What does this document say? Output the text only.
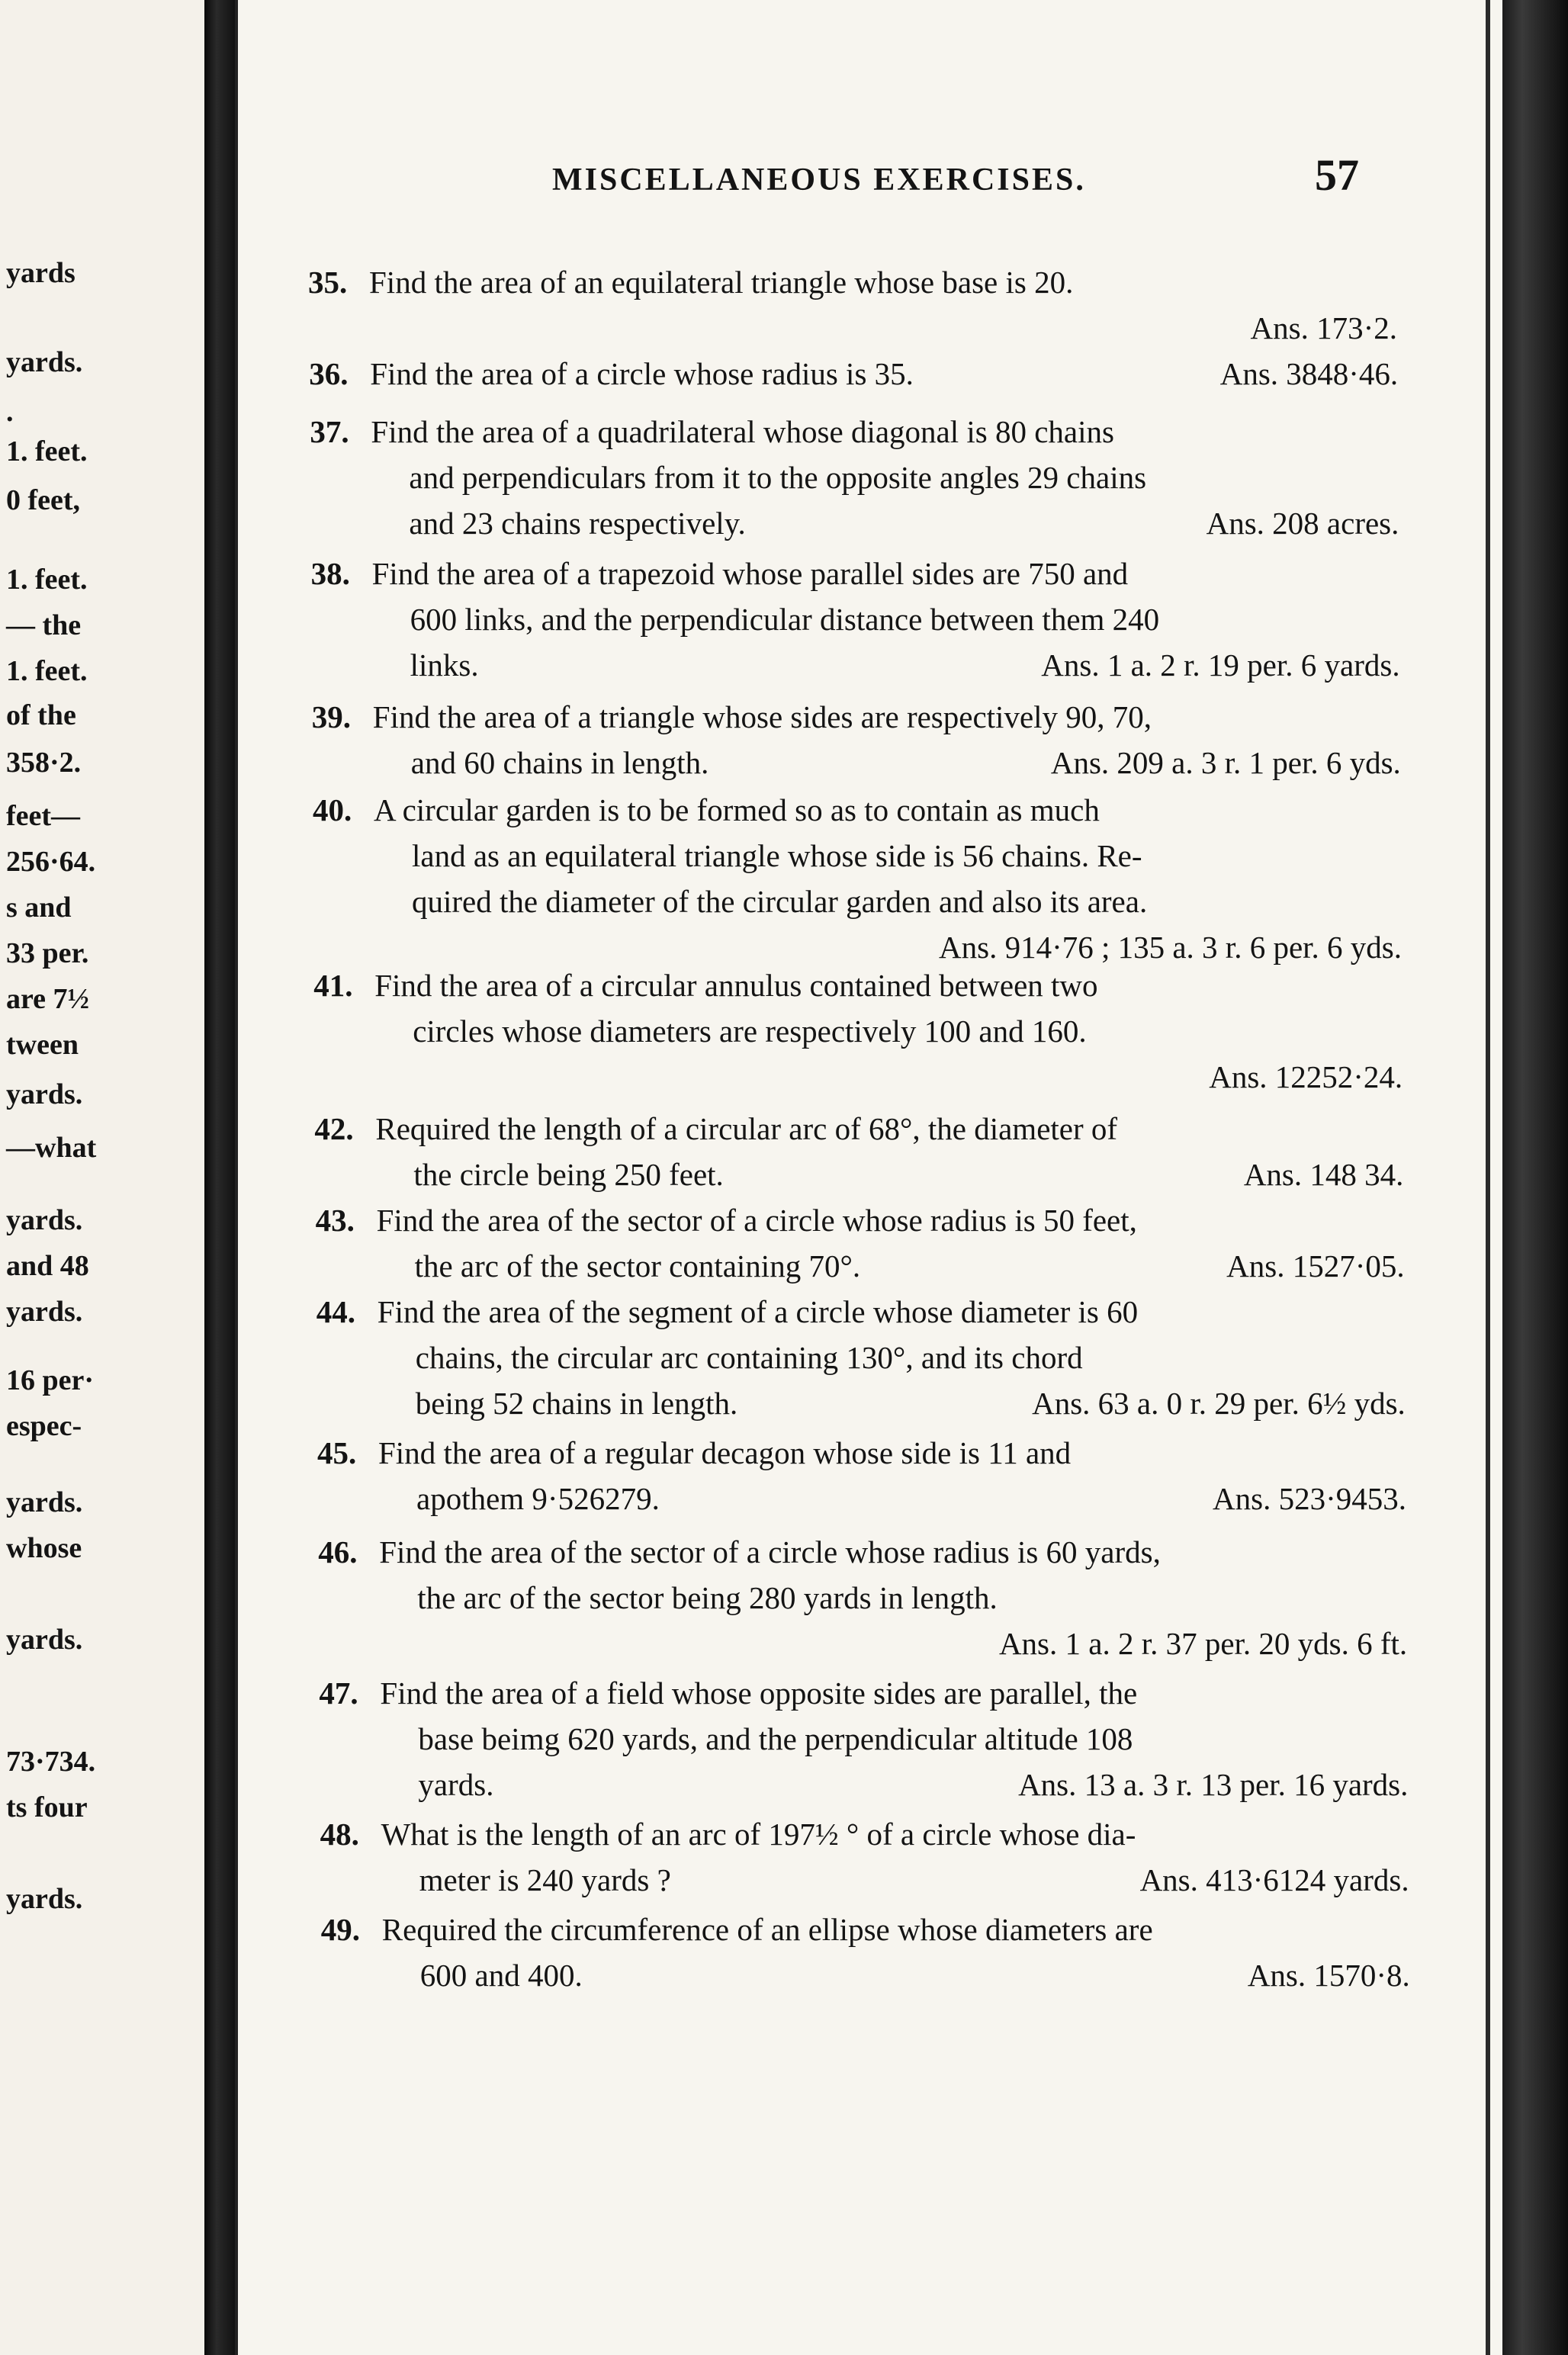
yards
yards.
.
1. feet.
0 feet,
1. feet.
— the
1. feet.
of the
358·2.
feet—
256·64.
s and
33 per.
are 7½
tween
yards.
—what
yards.
and 48
yards.
16 per·
espec-
yards.
whose
yards.
73·734.
ts four
yards.
MISCELLANEOUS EXERCISES.	57
35. Find the area of an equilateral triangle whose base is 20.
Ans. 173·2.
36. Find the area of a circle whose radius is 35.	Ans. 3848·46.
37. Find the area of a quadrilateral whose diagonal is 80 chains
and perpendiculars from it to the opposite angles 29 chains
and 23 chains respectively.	Ans. 208 acres.
38. Find the area of a trapezoid whose parallel sides are 750 and
600 links, and the perpendicular distance between them 240
links.	Ans. 1 a. 2 r. 19 per. 6 yards.
39. Find the area of a triangle whose sides are respectively 90, 70,
and 60 chains in length.	Ans. 209 a. 3 r. 1 per. 6 yds.
40. A circular garden is to be formed so as to contain as much
land as an equilateral triangle whose side is 56 chains. Re-
quired the diameter of the circular garden and also its area.
Ans. 914·76 ; 135 a. 3 r. 6 per. 6 yds.
41. Find the area of a circular annulus contained between two
circles whose diameters are respectively 100 and 160.
Ans. 12252·24.
42. Required the length of a circular arc of 68°, the diameter of
the circle being 250 feet.	Ans. 148 34.
43. Find the area of the sector of a circle whose radius is 50 feet,
the arc of the sector containing 70°.	Ans. 1527·05.
44. Find the area of the segment of a circle whose diameter is 60
chains, the circular arc containing 130°, and its chord
being 52 chains in length.	Ans. 63 a. 0 r. 29 per. 6½ yds.
45. Find the area of a regular decagon whose side is 11 and
apothem 9·526279.	Ans. 523·9453.
46. Find the area of the sector of a circle whose radius is 60 yards,
the arc of the sector being 280 yards in length.
Ans. 1 a. 2 r. 37 per. 20 yds. 6 ft.
47. Find the area of a field whose opposite sides are parallel, the
base beimg 620 yards, and the perpendicular altitude 108
yards.	Ans. 13 a. 3 r. 13 per. 16 yards.
48. What is the length of an arc of 197½ ° of a circle whose dia-
meter is 240 yards ?	Ans. 413·6124 yards.
49. Required the circumference of an ellipse whose diameters are
600 and 400.	Ans. 1570·8.
